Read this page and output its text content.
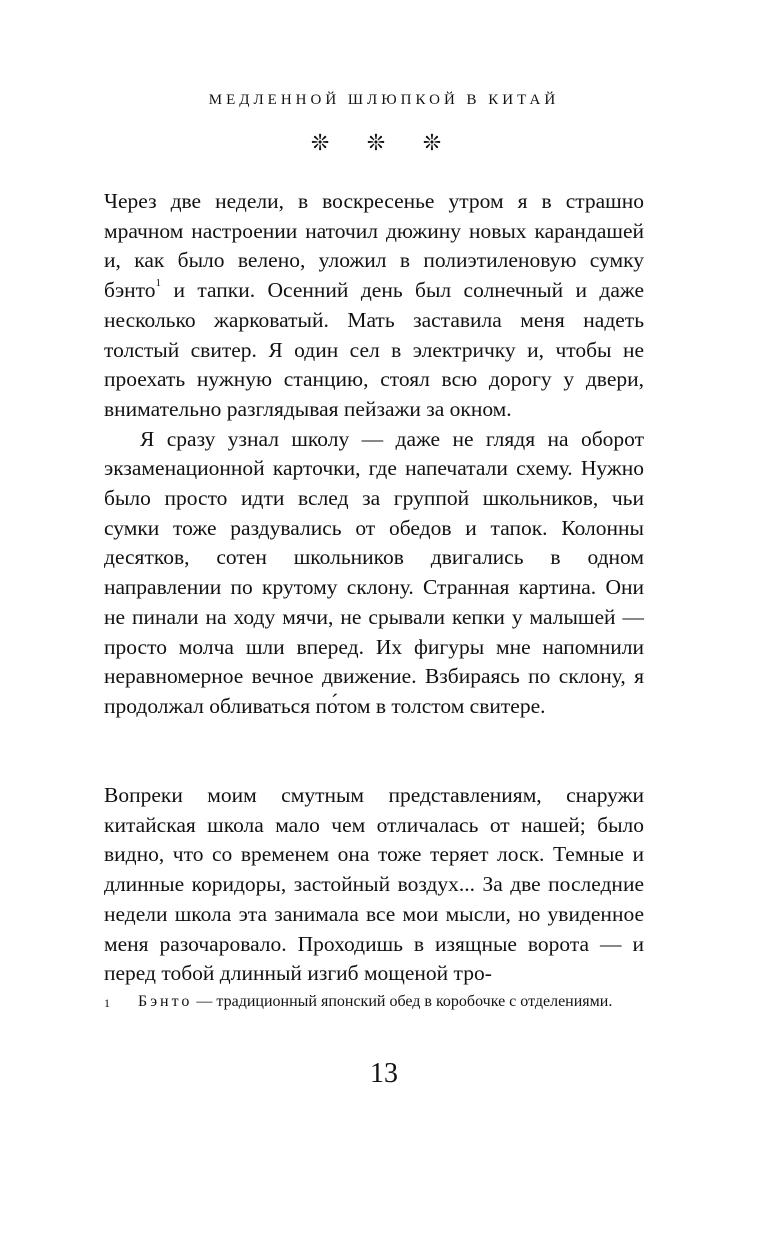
МЕДЛЕННОЙ ШЛЮПКОЙ В КИТАЙ
❊ ❊ ❊

Через две недели, в воскресенье утром я в страшно мрачном настроении наточил дюжину новых карандашей и, как было велено, уложил в полиэтиленовую сумку бэнто$^1$ и тапки. Осенний день был солнечный и даже несколько жарковатый. Мать заставила меня надеть толстый свитер. Я один сел в электричку и, чтобы не проехать нужную станцию, стоял всю дорогу у двери, внимательно разглядывая пейзажи за окном.

Я сразу узнал школу — даже не глядя на оборот экзаменационной карточки, где напечатали схему. Нужно было просто идти вслед за группой школьников, чьи сумки тоже раздувались от обедов и тапок. Колонны десятков, сотен школьников двигались в одном направлении по крутому склону. Странная картина. Они не пинали на ходу мячи, не срывали кепки у малышей — просто молча шли вперед. Их фигуры мне напомнили неравномерное вечное движение. Взбираясь по склону, я продолжал обливаться по́том в толстом свитере.

Вопреки моим смутным представлениям, снаружи китайская школа мало чем отличалась от нашей; было видно, что со временем она тоже теряет лоск. Темные и длинные коридоры, застойный воздух... За две последние недели школа эта занимала все мои мысли, но увиденное меня разочаровало. Проходишь в изящные ворота — и перед тобой длинный изгиб мощеной тро-

1 Бэнто — традиционный японский обед в коробочке с отделениями.
13
